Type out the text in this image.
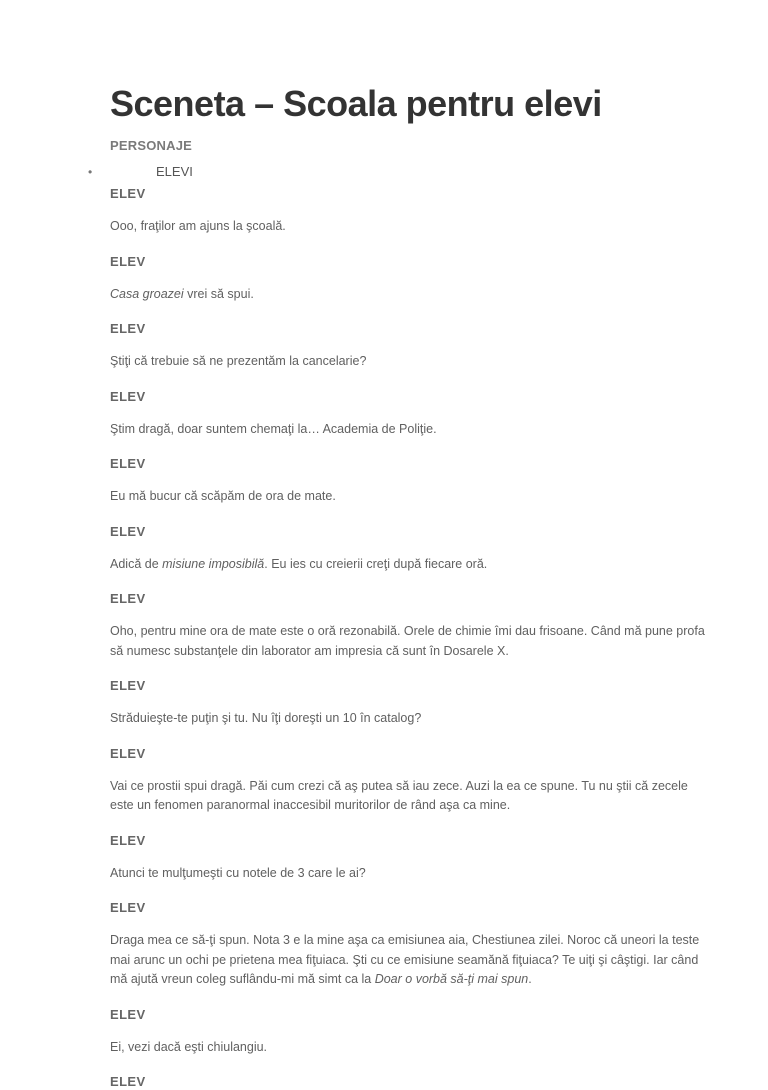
Sceneta – Scoala pentru elevi
PERSONAJE
•	ELEVI
ELEV
Ooo, fraţilor am ajuns la şcoală.
ELEV
Casa groazei vrei să spui.
ELEV
Ştiţi că trebuie să ne prezentăm la cancelarie?
ELEV
Ştim dragă, doar suntem chemaţi la… Academia de Poliţie.
ELEV
Eu mă bucur că scăpăm de ora de mate.
ELEV
Adică de misiune imposibilă. Eu ies cu creierii creţi după fiecare oră.
ELEV
Oho, pentru mine ora de mate este o oră rezonabilă. Orele de chimie îmi dau frisoane. Când mă pune profa să numesc substanţele din laborator am impresia că sunt în Dosarele X.
ELEV
Străduieşte-te puţin şi tu. Nu îţi doreşti un 10 în catalog?
ELEV
Vai ce prostii spui dragă. Păi cum crezi că aş putea să iau zece. Auzi la ea ce spune. Tu nu ştii că zecele este un fenomen paranormal inaccesibil muritorilor de rând aşa ca mine.
ELEV
Atunci te mulţumeşti cu notele de 3 care le ai?
ELEV
Draga mea ce să-ţi spun. Nota 3 e la mine aşa ca emisiunea aia, Chestiunea zilei. Noroc că uneori la teste mai arunc un ochi pe prietena mea fiţuiaca. Şti cu ce emisiune seamănă fiţuiaca? Te uiţi şi câştigi. Iar când mă ajută vreun coleg suflându-mi mă simt ca la Doar o vorbă să-ţi mai spun.
ELEV
Ei, vezi dacă eşti chiulangiu.
ELEV
